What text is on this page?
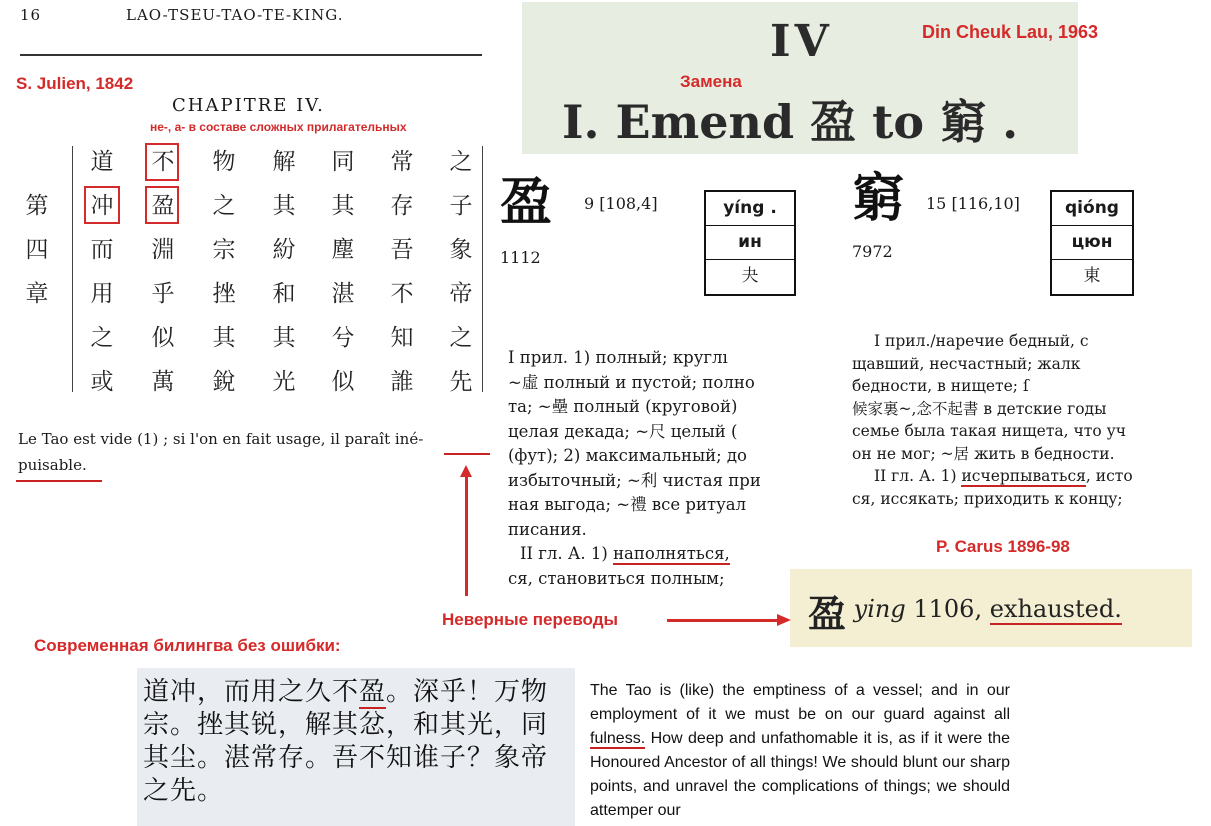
16	LAO-TSEU-TAO-TE-KING.
CHAPITRE IV.
之
子
象
帝
之
先
常
存
吾
不
知
誰
同
其
塵
湛
兮
似
解
其
紛
和
其
光
物
之
宗
挫
其
銳
不
盈
淵
乎
似
萬
道
冲
而
用
之
或
第
四
章
Le Tao est vide (1) ; si l'on en fait usage, il paraît iné-
puisable.
S. Julien, 1842
не-, а- в составе сложных прилагательных
IV
I. Emend 盈 to 窮 .
Din Cheuk Lau, 1963
Замена
盈 9 [108,4]
1112
yíng .
ин
夬
I прил. 1) полный; круглı
~虛 полный и пустой; полно
та; ~壘 полный (круговой)
целая декада; ~尺 целый (
(фут); 2) максимальный; до
избыточный; ~利 чистая при
ная выгода; ~禮 все ритуал
писания.
II гл. А. 1) наполняться,
ся, становиться полным;
窮 15 [116,10]
7972
qióng
цюн
東
I прил./наречие бедный, с
щавший, несчастный; жалк
бедности, в нищете; ſ
候家裏~,念不起書 в детские годы
семье была такая нищета, что уч
он не мог; ~居 жить в бедности.
II гл. А. 1) исчерпываться, исто
ся, иссякать; приходить к концу;
P. Carus 1896-98
盈 ying 1106, exhausted.
Неверные переводы
Современная билингва без ошибки:
道冲，而用之久不盈。深乎！万物宗。挫其锐，解其忿，和其光，同其尘。湛常存。吾不知谁子？象帝之先。
The Tao is (like) the emptiness of a vessel; and in our employment of it we must be on our guard against all fulness. How deep and unfathomable it is, as if it were the Honoured Ancestor of all things! We should blunt our sharp points, and unravel the complications of things; we should attemper our
